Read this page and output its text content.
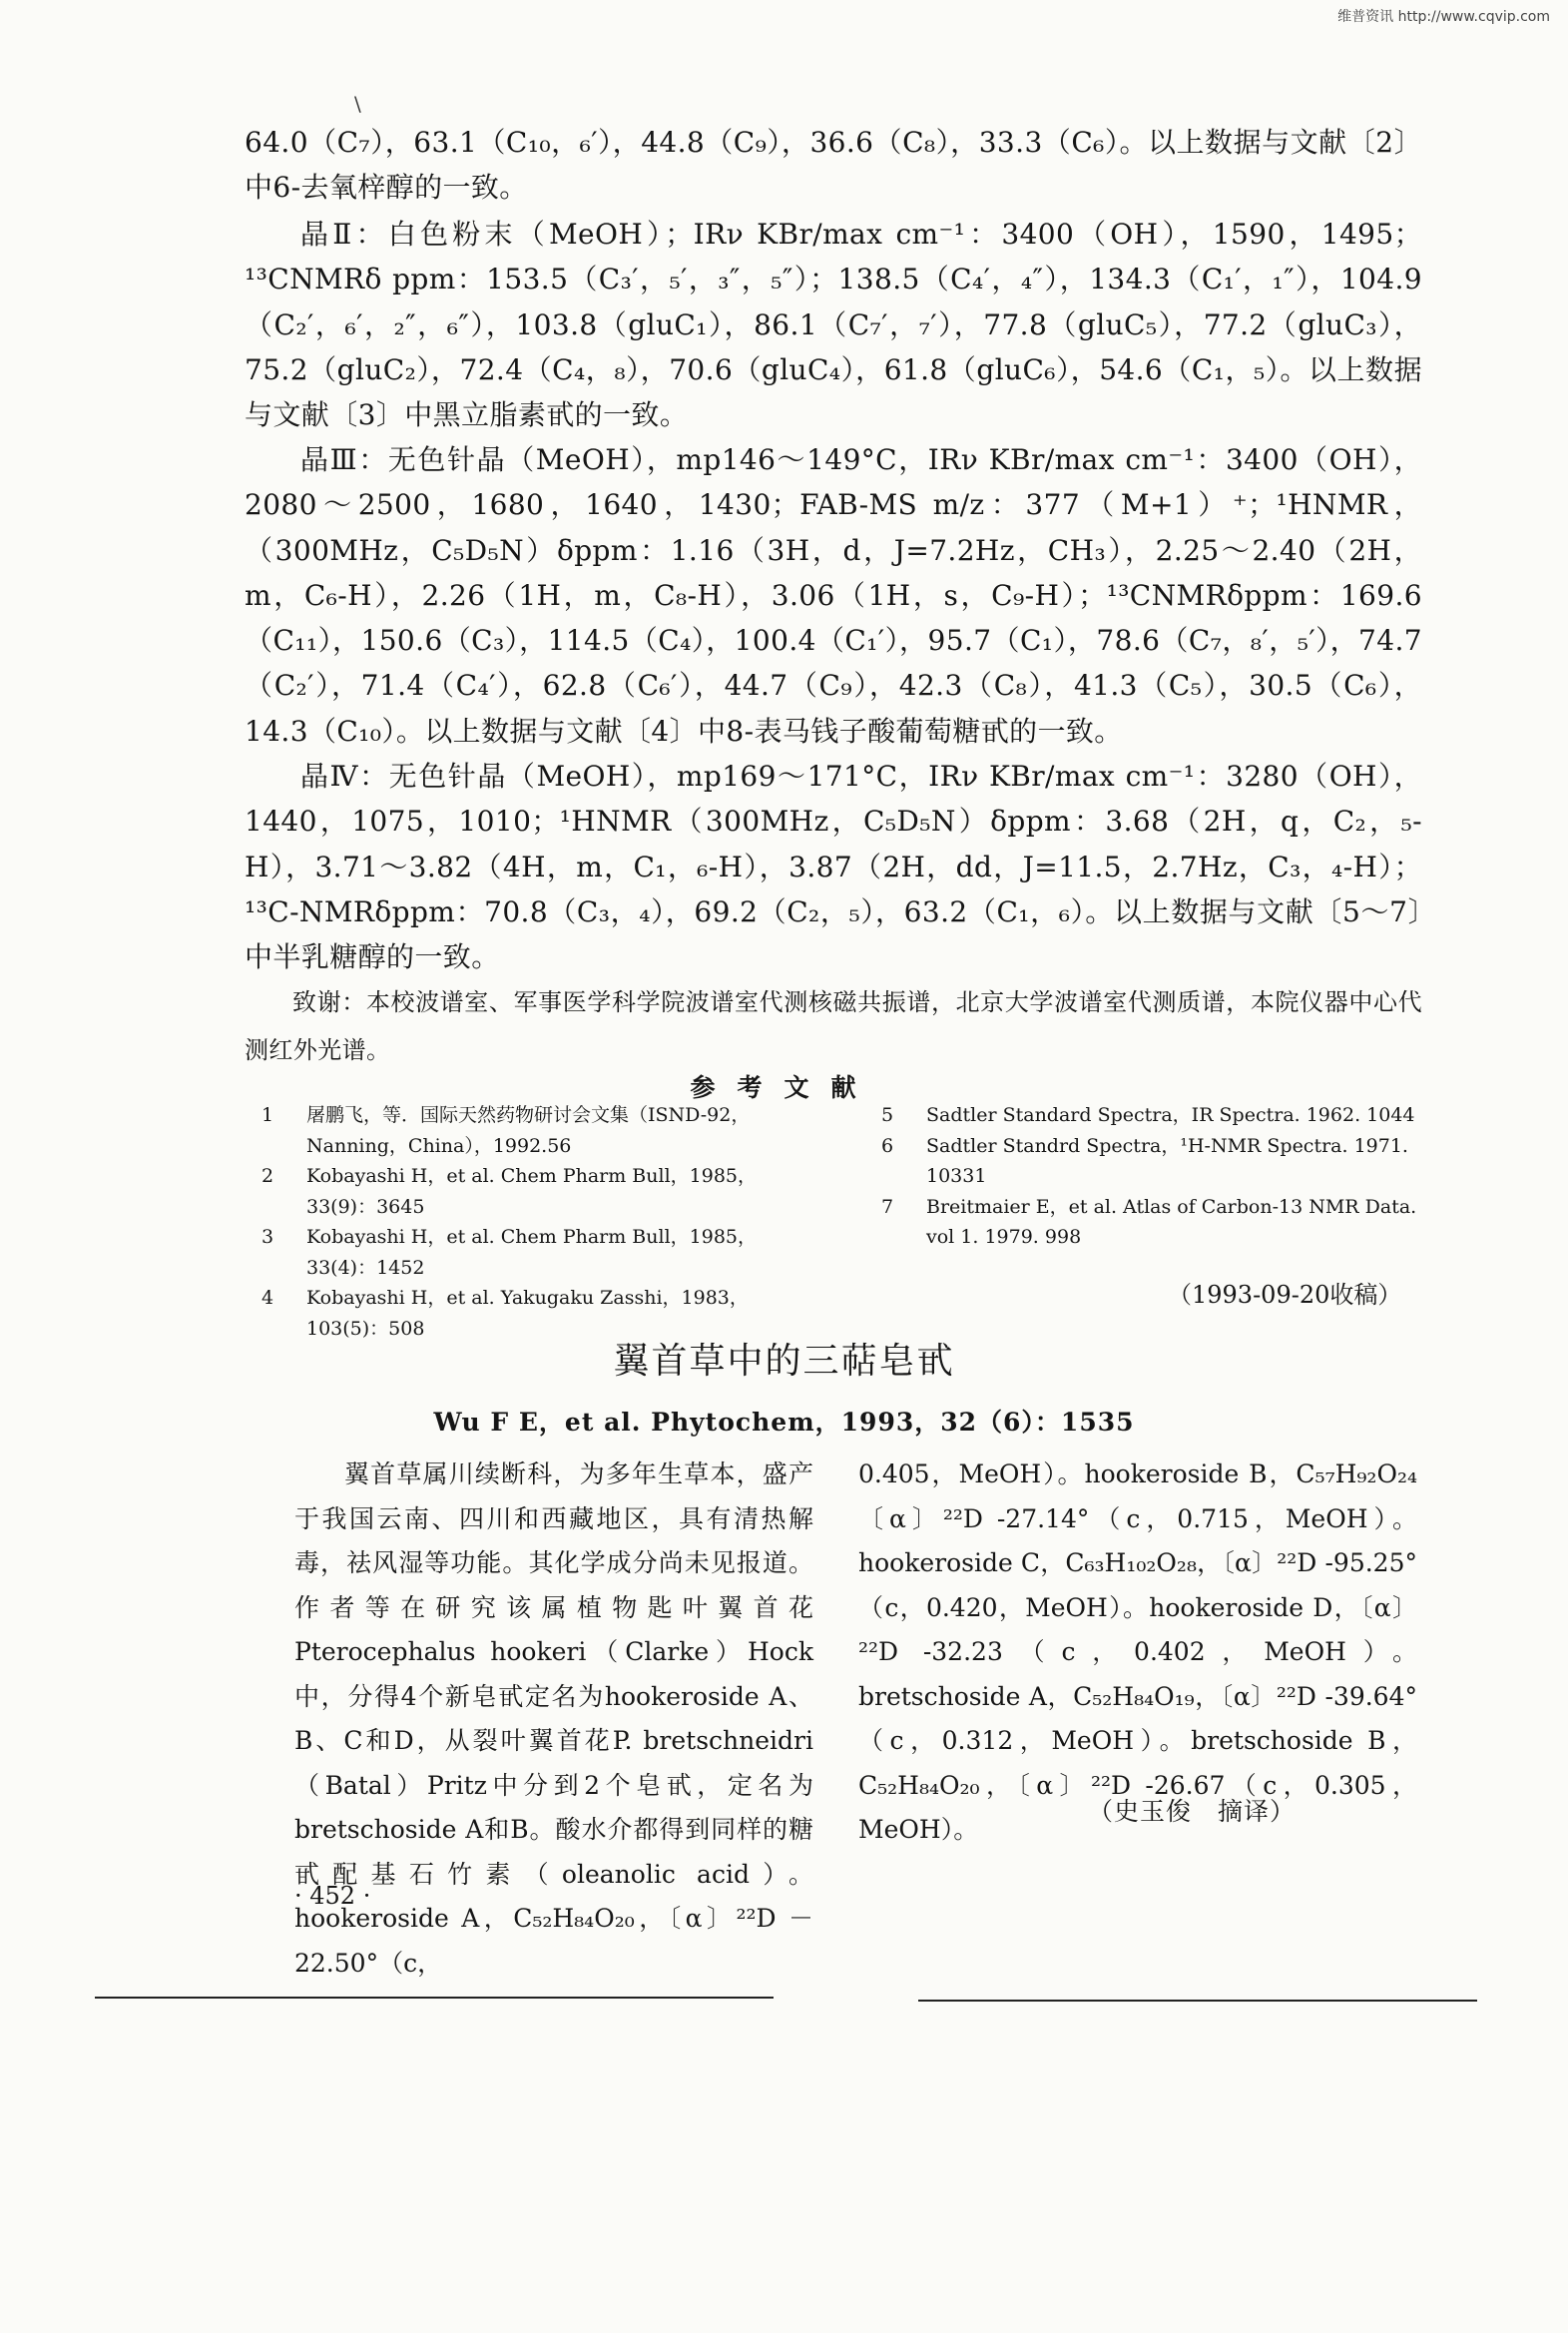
维普资讯 http://www.cqvip.com
\

64.0（C₇），63.1（C₁₀，₆′），44.8（C₉），36.6（C₈），33.3（C₆）。以上数据与文献〔2〕中6-去氧梓醇的一致。

晶Ⅱ：白色粉末（MeOH）；IRν KBr/max cm⁻¹：3400（OH），1590，1495；¹³CNMRδ ppm：153.5（C₃′，₅′，₃″，₅″）；138.5（C₄′，₄″），134.3（C₁′，₁″），104.9（C₂′，₆′，₂″，₆″），103.8（gluC₁），86.1（C₇′，₇′），77.8（gluC₅），77.2（gluC₃），75.2（gluC₂），72.4（C₄，₈），70.6（gluC₄），61.8（gluC₆），54.6（C₁，₅）。以上数据与文献〔3〕中黑立脂素甙的一致。

晶Ⅲ：无色针晶（MeOH），mp146～149°C，IRν KBr/max cm⁻¹：3400（OH），2080～2500，1680，1640，1430；FAB-MS m/z：377（M+1）⁺；¹HNMR，（300MHz，C₅D₅N）δppm：1.16（3H，d，J=7.2Hz，CH₃），2.25～2.40（2H，m，C₆-H），2.26（1H，m，C₈-H），3.06（1H，s，C₉-H）；¹³CNMRδppm：169.6（C₁₁），150.6（C₃），114.5（C₄），100.4（C₁′），95.7（C₁），78.6（C₇，₈′，₅′），74.7（C₂′），71.4（C₄′），62.8（C₆′），44.7（C₉），42.3（C₈），41.3（C₅），30.5（C₆），14.3（C₁₀）。以上数据与文献〔4〕中8-表马钱子酸葡萄糖甙的一致。

晶Ⅳ：无色针晶（MeOH），mp169～171°C，IRν KBr/max cm⁻¹：3280（OH），1440，1075，1010；¹HNMR（300MHz，C₅D₅N）δppm：3.68（2H，q，C₂，₅-H），3.71～3.82（4H，m，C₁，₆-H），3.87（2H，dd，J=11.5，2.7Hz，C₃，₄-H）；¹³C-NMRδppm：70.8（C₃，₄），69.2（C₂，₅），63.2（C₁，₆）。以上数据与文献〔5～7〕中半乳糖醇的一致。

致谢：本校波谱室、军事医学科学院波谱室代测核磁共振谱，北京大学波谱室代测质谱，本院仪器中心代测红外光谱。

参考文献
1	屠鹏飞，等．国际天然药物研讨会文集（ISND-92，Nanning，China），1992.56
2	Kobayashi H，et al. Chem Pharm Bull，1985，33(9)：3645
3	Kobayashi H，et al. Chem Pharm Bull，1985，33(4)：1452
4	Kobayashi H，et al. Yakugaku Zasshi，1983，103(5)：508
5	Sadtler Standard Spectra，IR Spectra. 1962. 1044
6	Sadtler Standrd Spectra，¹H-NMR Spectra. 1971. 10331
7	Breitmaier E，et al. Atlas of Carbon-13 NMR Data. vol 1. 1979. 998
（1993-09-20收稿）
翼首草中的三萜皂甙
Wu F E，et al. Phytochem，1993，32（6）：1535

翼首草属川续断科，为多年生草本，盛产于我国云南、四川和西藏地区，具有清热解毒，祛风湿等功能。其化学成分尚未见报道。作者等在研究该属植物匙叶翼首花 Pterocephalus hookeri（Clarke）Hock中，分得4个新皂甙定名为hookeroside A、B、C和D，从裂叶翼首花P. bretschneidri（Batal）Pritz中分到2个皂甙，定名为bretschoside A和B。酸水介都得到同样的糖甙配基石竹素（oleanolic acid）。hookeroside A，C₅₂H₈₄O₂₀，〔α〕²²D －22.50°（c，

0.405，MeOH）。hookeroside B，C₅₇H₉₂O₂₄〔α〕²²D -27.14°（c，0.715，MeOH）。hookeroside C，C₆₃H₁₀₂O₂₈，〔α〕²²D -95.25°（c，0.420，MeOH）。hookeroside D，〔α〕²²D -32.23（c，0.402，MeOH）。bretschoside A，C₅₂H₈₄O₁₉，〔α〕²²D -39.64°（c，0.312，MeOH）。bretschoside B，C₅₂H₈₄O₂₀，〔α〕²²D -26.67（c，0.305，MeOH）。

（史玉俊　摘译）
· 452 ·
